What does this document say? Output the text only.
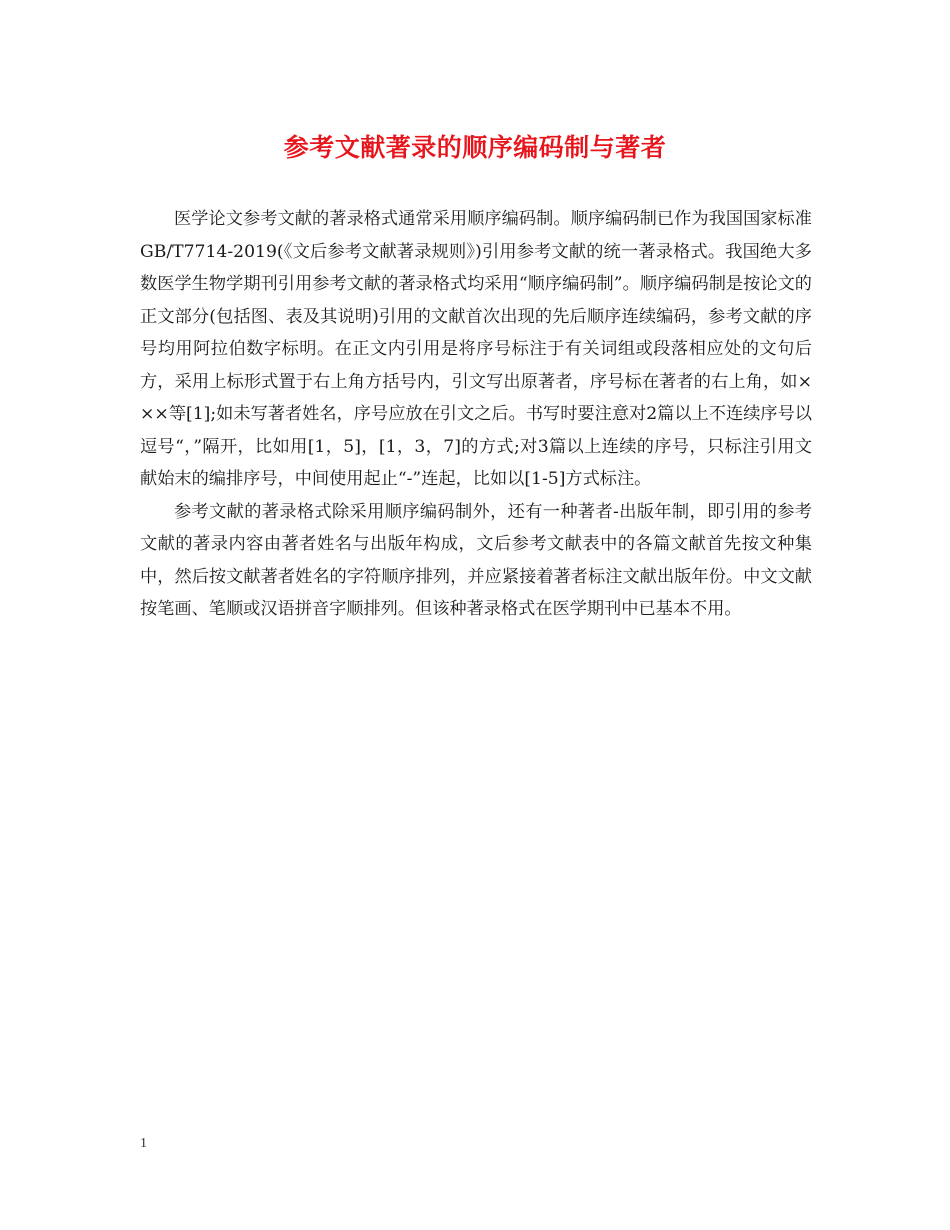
参考文献著录的顺序编码制与著者

医学论文参考文献的著录格式通常采用顺序编码制。顺序编码制已作为我国国家标准 GB/T7714-2019(《文后参考文献著录规则》)引用参考文献的统一著录格式。我国绝大多数医学生物学期刊引用参考文献的著录格式均采用“顺序编码制”。顺序编码制是按论文的正文部分(包括图、表及其说明)引用的文献首次出现的先后顺序连续编码，参考文献的序号均用阿拉伯数字标明。在正文内引用是将序号标注于有关词组或段落相应处的文句后方，采用上标形式置于右上角方括号内，引文写出原著者，序号标在著者的右上角，如×××等[1];如未写著者姓名，序号应放在引文之后。书写时要注意对2篇以上不连续序号以逗号“，”隔开，比如用[1，5]，[1，3，7]的方式;对3篇以上连续的序号，只标注引用文献始末的编排序号，中间使用起止“-”连起，比如以[1-5]方式标注。

参考文献的著录格式除采用顺序编码制外，还有一种著者-出版年制，即引用的参考文献的著录内容由著者姓名与出版年构成，文后参考文献表中的各篇文献首先按文种集中，然后按文献著者姓名的字符顺序排列，并应紧接着著者标注文献出版年份。中文文献按笔画、笔顺或汉语拼音字顺排列。但该种著录格式在医学期刊中已基本不用。

1
